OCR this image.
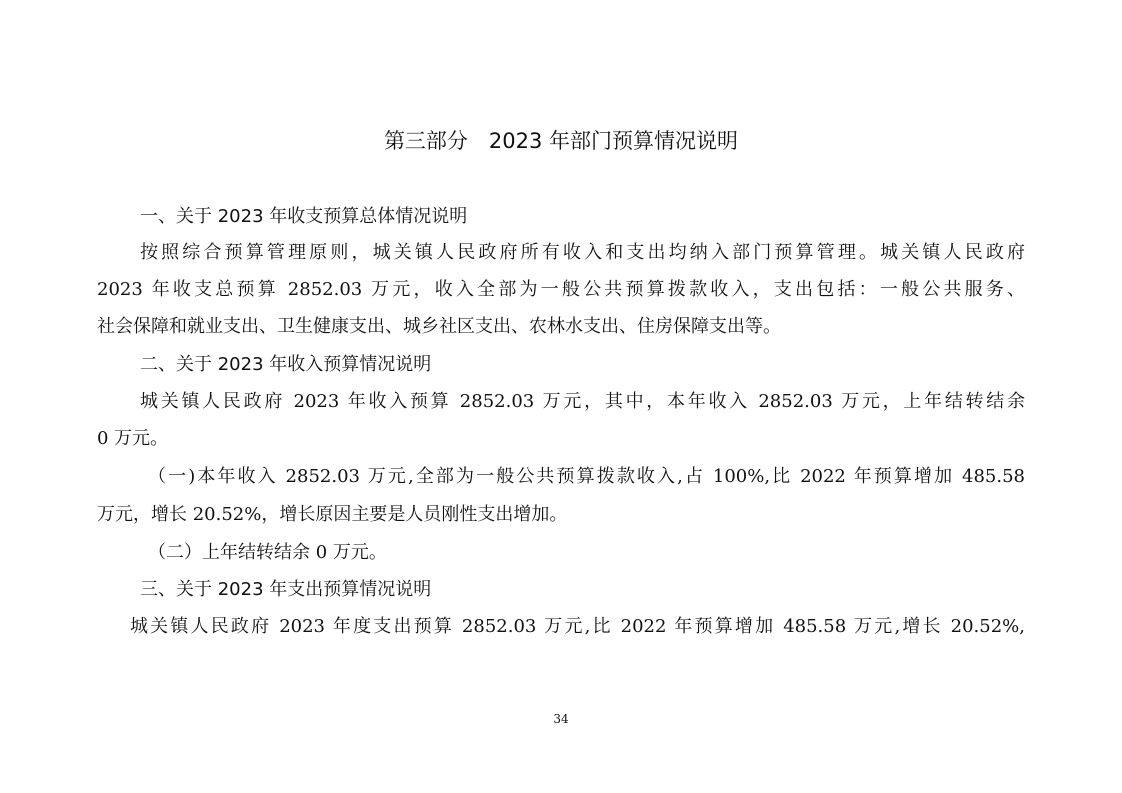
第三部分　2023 年部门预算情况说明
一、关于 2023 年收支预算总体情况说明
按照综合预算管理原则，城关镇人民政府所有收入和支出均纳入部门预算管理。城关镇人民政府
2023 年收支总预算 2852.03 万元，收入全部为一般公共预算拨款收入，支出包括：一般公共服务、
社会保障和就业支出、卫生健康支出、城乡社区支出、农林水支出、住房保障支出等。
二、关于 2023 年收入预算情况说明
城关镇人民政府 2023 年收入预算 2852.03 万元，其中，本年收入 2852.03 万元，上年结转结余
0 万元。
（一)本年收入 2852.03 万元,全部为一般公共预算拨款收入,占 100%,比 2022 年预算增加 485.58
万元，增长 20.52%，增长原因主要是人员刚性支出增加。
（二）上年结转结余 0 万元。
三、关于 2023 年支出预算情况说明
城关镇人民政府 2023 年度支出预算 2852.03 万元,比 2022 年预算增加 485.58 万元,增长 20.52%,
34
